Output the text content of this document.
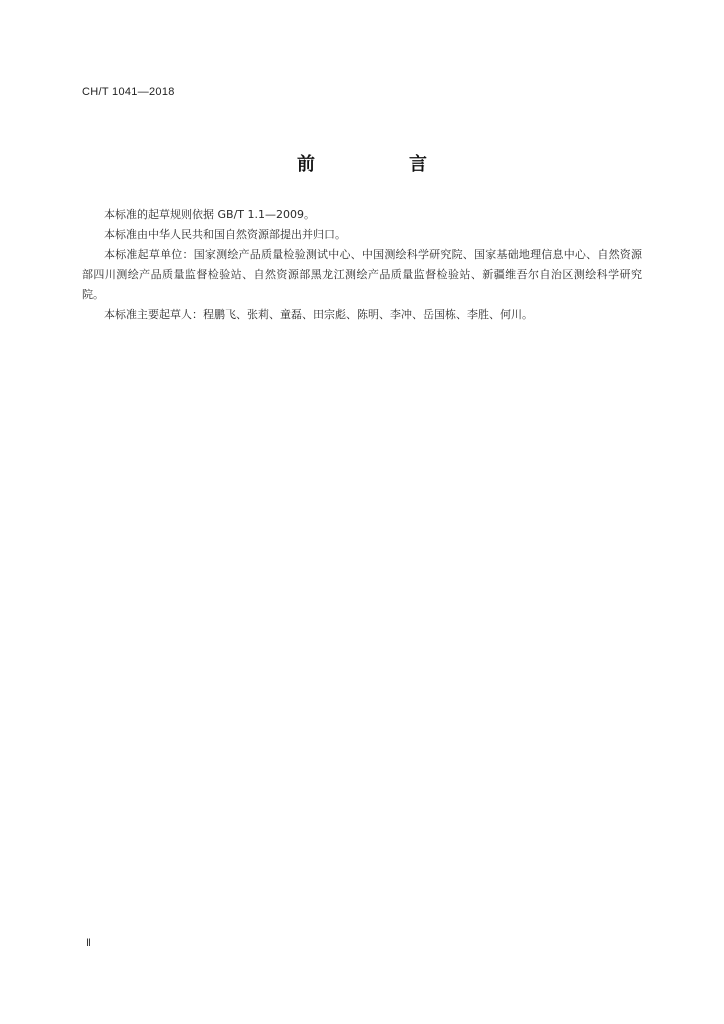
CH/T 1041—2018
前　言

本标准的起草规则依据 GB/T 1.1—2009。

本标准由中华人民共和国自然资源部提出并归口。

本标准起草单位：国家测绘产品质量检验测试中心、中国测绘科学研究院、国家基础地理信息中心、自然资源部四川测绘产品质量监督检验站、自然资源部黑龙江测绘产品质量监督检验站、新疆维吾尔自治区测绘科学研究院。

本标准主要起草人：程鹏飞、张莉、童磊、田宗彪、陈明、李冲、岳国栋、李胜、何川。

Ⅱ
